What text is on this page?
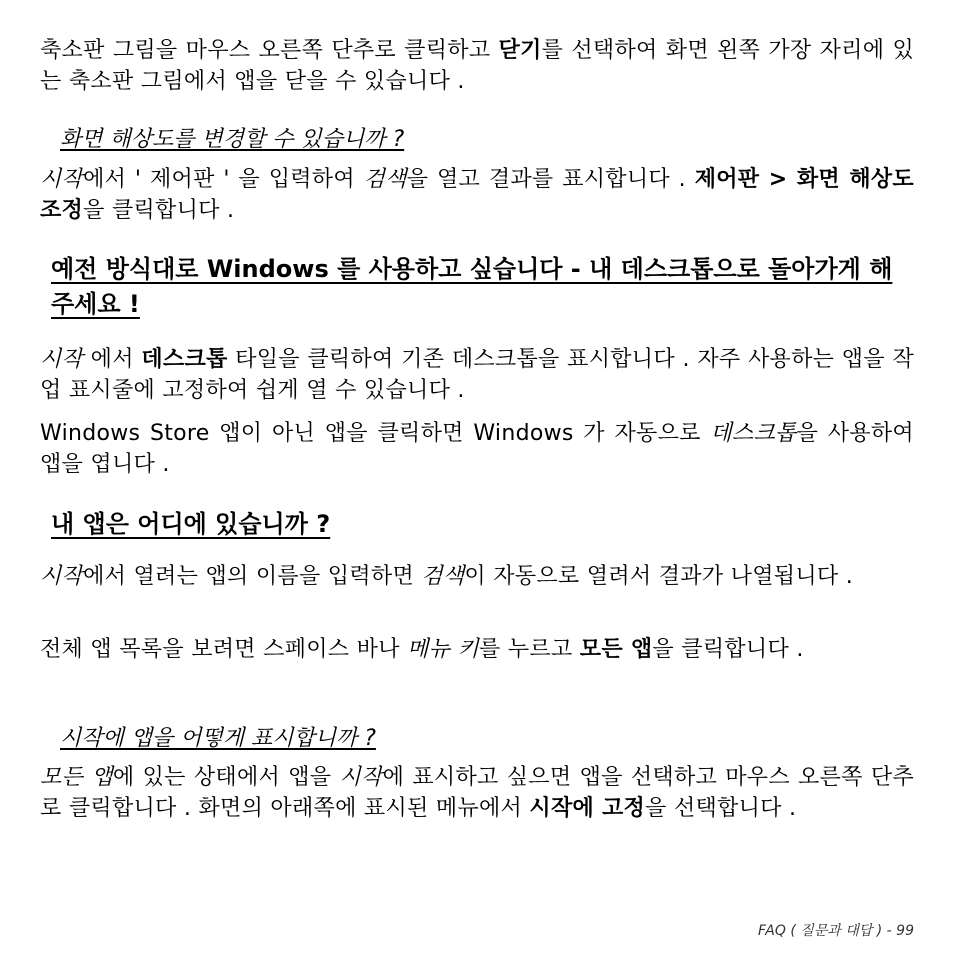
축소판 그림을 마우스 오른쪽 단추로 클릭하고 닫기를 선택하여 화면 왼쪽 가장 자리에 있는 축소판 그림에서 앱을 닫을 수 있습니다 .

화면 해상도를 변경할 수 있습니까 ?

시작에서 ' 제어판 ' 을 입력하여 검색을 열고 결과를 표시합니다 . 제어판 > 화면 해상도 조정을 클릭합니다 .

예전 방식대로 Windows 를 사용하고 싶습니다 - 내 데스크톱으로 돌아가게 해 주세요 !

시작 에서 데스크톱 타일을 클릭하여 기존 데스크톱을 표시합니다 . 자주 사용하는 앱을 작업 표시줄에 고정하여 쉽게 열 수 있습니다 .

Windows Store 앱이 아닌 앱을 클릭하면 Windows 가 자동으로 데스크톱을 사용하여 앱을 엽니다 .

내 앱은 어디에 있습니까 ?

시작에서 열려는 앱의 이름을 입력하면 검색이 자동으로 열려서 결과가 나열됩니다 .

전체 앱 목록을 보려면 스페이스 바나 메뉴 키를 누르고 모든 앱을 클릭합니다 .

시작에 앱을 어떻게 표시합니까 ?

모든 앱에 있는 상태에서 앱을 시작에 표시하고 싶으면 앱을 선택하고 마우스 오른쪽 단추로 클릭합니다 . 화면의 아래쪽에 표시된 메뉴에서 시작에 고정을 선택합니다 .

FAQ ( 질문과 대답 ) - 99
